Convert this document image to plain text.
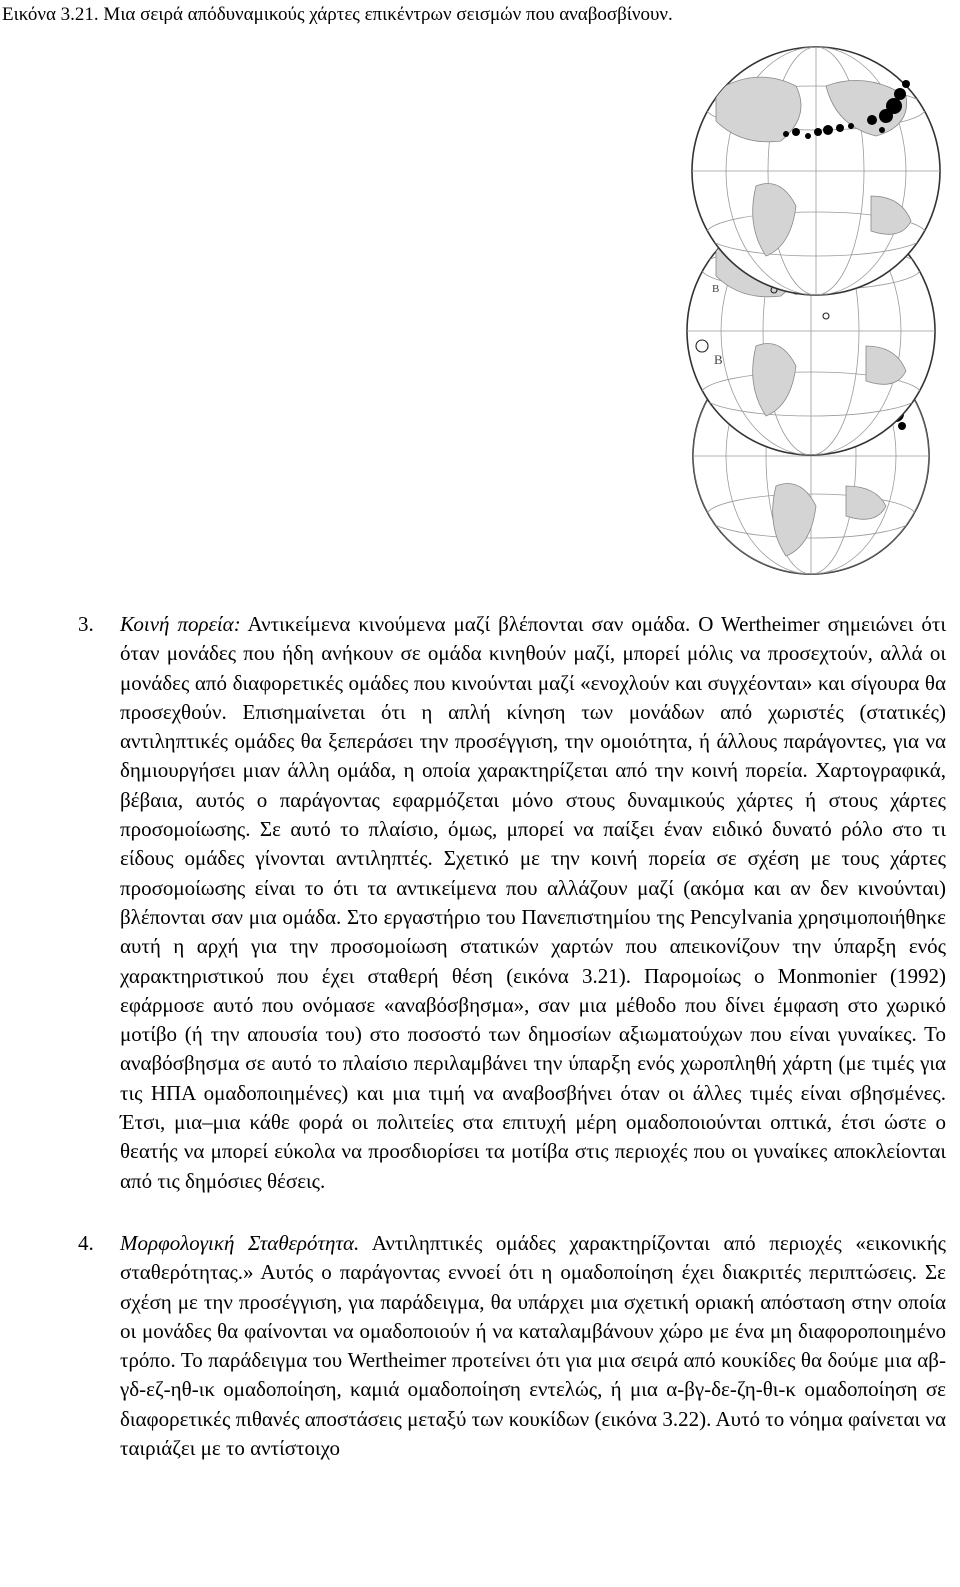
Εικόνα 3.21. Μια σειρά απόδυναμικούς χάρτες επικέντρων σεισμών που αναβοσβίνουν.
B
B
3.	Κοινή πορεία: Αντικείμενα κινούμενα μαζί βλέπονται σαν ομάδα. O Wertheimer σημειώνει ότι όταν μονάδες που ήδη ανήκουν σε ομάδα κινηθούν μαζί, μπορεί μόλις να προσεχτούν, αλλά οι μονάδες από διαφορετικές ομάδες που κινούνται μαζί «ενοχλούν και συγχέονται» και σίγουρα θα προσεχθούν. Επισημαίνεται ότι η απλή κίνηση των μονάδων από χωριστές (στατικές) αντιληπτικές ομάδες θα ξεπεράσει την προσέγγιση, την ομοιότητα, ή άλλους παράγοντες, για να δημιουργήσει μιαν άλλη ομάδα, η οποία χαρακτηρίζεται από την κοινή πορεία. Χαρτογραφικά, βέβαια, αυτός ο παράγοντας εφαρμόζεται μόνο στους δυναμικούς χάρτες ή στους χάρτες προσομοίωσης. Σε αυτό το πλαίσιο, όμως, μπορεί να παίξει έναν ειδικό δυνατό ρόλο στο τι είδους ομάδες γίνονται αντιληπτές. Σχετικό με την κοινή πορεία σε σχέση με τους χάρτες προσομοίωσης είναι το ότι τα αντικείμενα που αλλάζουν μαζί (ακόμα και αν δεν κινούνται) βλέπονται σαν μια ομάδα. Στο εργαστήριο του Πανεπιστημίου της Pencylvania χρησιμοποιήθηκε αυτή η αρχή για την προσομοίωση στατικών χαρτών που απεικονίζουν την ύπαρξη ενός χαρακτηριστικού που έχει σταθερή θέση (εικόνα 3.21). Παρομοίως ο Monmonier (1992) εφάρμοσε αυτό που ονόμασε «αναβόσβησμα», σαν μια μέθοδο που δίνει έμφαση στο χωρικό μοτίβο (ή την απουσία του) στο ποσοστό των δημοσίων αξιωματούχων που είναι γυναίκες. Το αναβόσβησμα σε αυτό το πλαίσιο περιλαμβάνει την ύπαρξη ενός χωροπληθή χάρτη (με τιμές για τις ΗΠΑ ομαδοποιημένες) και μια τιμή να αναβοσβήνει όταν οι άλλες τιμές είναι σβησμένες. Έτσι, μια–μια κάθε φορά οι πολιτείες στα επιτυχή μέρη ομαδοποιούνται οπτικά, έτσι ώστε ο θεατής να μπορεί εύκολα να προσδιορίσει τα μοτίβα στις περιοχές που οι γυναίκες αποκλείονται από τις δημόσιες θέσεις.
4.	Μορφολογική Σταθερότητα. Αντιληπτικές ομάδες χαρακτηρίζονται από περιοχές «εικονικής σταθερότητας.» Αυτός ο παράγοντας εννοεί ότι η ομαδοποίηση έχει διακριτές περιπτώσεις. Σε σχέση με την προσέγγιση, για παράδειγμα, θα υπάρχει μια σχετική οριακή απόσταση στην οποία οι μονάδες θα φαίνονται να ομαδοποιούν ή να καταλαμβάνουν χώρο με ένα μη διαφοροποιημένο τρόπο. Το παράδειγμα του Wertheimer προτείνει ότι για μια σειρά από κουκίδες θα δούμε μια αβ-γδ-εζ-ηθ-ικ ομαδοποίηση, καμιά ομαδοποίηση εντελώς, ή μια α-βγ-δε-ζη-θι-κ ομαδοποίηση σε διαφορετικές πιθανές αποστάσεις μεταξύ των κουκίδων (εικόνα 3.22). Αυτό το νόημα φαίνεται να ταιριάζει με το αντίστοιχο
